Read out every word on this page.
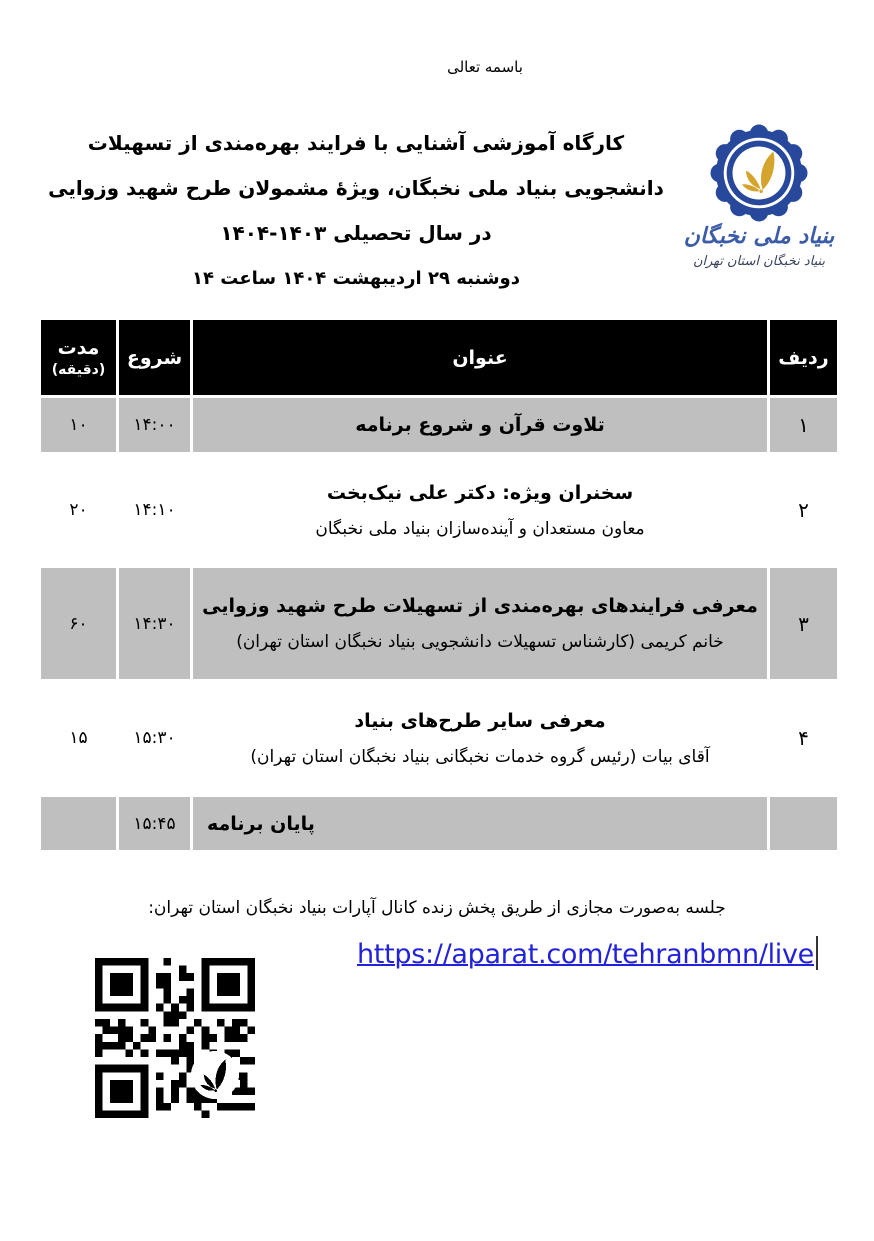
باسمه تعالی
کارگاه آموزشی آشنایی با فرایند بهره‌مندی از تسهیلات
دانشجویی بنیاد ملی نخبگان، ویژۀ مشمولان طرح شهید وزوایی
در سال تحصیلی ۱۴۰۳-۱۴۰۴
دوشنبه ۲۹ اردیبهشت ۱۴۰۴ ساعت ۱۴
بنیاد ملی نخبگان
بنیاد نخبگان استان تهران
ردیف
عنوان
شروع
مدت
(دقیقه)
۱
تلاوت قرآن و شروع برنامه
۱۴:۰۰
۱۰
۲
سخنران ویژه: دکتر علی نیک‌بخت
معاون مستعدان و آینده‌سازان بنیاد ملی نخبگان
۱۴:۱۰
۲۰
۳
معرفی فرایندهای بهره‌مندی از تسهیلات طرح شهید وزوایی
خانم کریمی (کارشناس تسهیلات دانشجویی بنیاد نخبگان استان تهران)
۱۴:۳۰
۶۰
۴
معرفی سایر طرح‌های بنیاد
آقای بیات (رئیس گروه خدمات نخبگانی بنیاد نخبگان استان تهران)
۱۵:۳۰
۱۵
پایان برنامه
۱۵:۴۵
جلسه به‌صورت مجازی از طریق پخش زنده کانال آپارات بنیاد نخبگان استان تهران:
https://aparat.com/tehranbmn/live
